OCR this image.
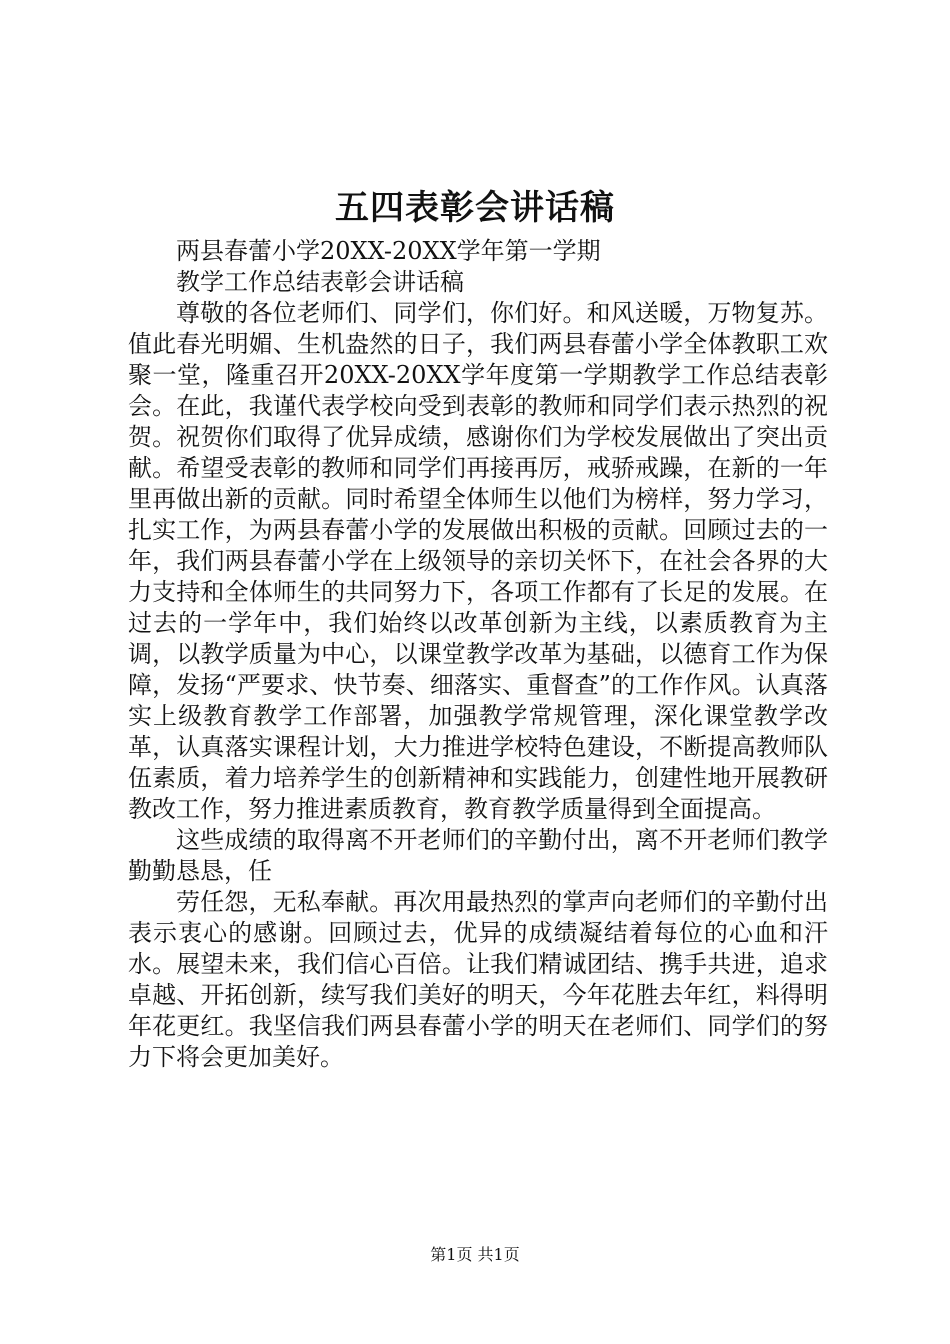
五四表彰会讲话稿

两县春蕾小学20XX-20XX学年第一学期

教学工作总结表彰会讲话稿

尊敬的各位老师们、同学们，你们好。和风送暖，万物复苏。值此春光明媚、生机盎然的日子，我们两县春蕾小学全体教职工欢聚一堂，隆重召开20XX-20XX学年度第一学期教学工作总结表彰会。在此，我谨代表学校向受到表彰的教师和同学们表示热烈的祝贺。祝贺你们取得了优异成绩，感谢你们为学校发展做出了突出贡献。希望受表彰的教师和同学们再接再厉，戒骄戒躁，在新的一年里再做出新的贡献。同时希望全体师生以他们为榜样，努力学习，扎实工作，为两县春蕾小学的发展做出积极的贡献。回顾过去的一年，我们两县春蕾小学在上级领导的亲切关怀下，在社会各界的大力支持和全体师生的共同努力下，各项工作都有了长足的发展。在过去的一学年中，我们始终以改革创新为主线，以素质教育为主调，以教学质量为中心，以课堂教学改革为基础，以德育工作为保障，发扬“严要求、快节奏、细落实、重督查”的工作作风。认真落实上级教育教学工作部署，加强教学常规管理，深化课堂教学改革，认真落实课程计划，大力推进学校特色建设，不断提高教师队伍素质，着力培养学生的创新精神和实践能力，创建性地开展教研教改工作，努力推进素质教育，教育教学质量得到全面提高。

这些成绩的取得离不开老师们的辛勤付出，离不开老师们教学勤勤恳恳，任

劳任怨，无私奉献。再次用最热烈的掌声向老师们的辛勤付出表示衷心的感谢。回顾过去，优异的成绩凝结着每位的心血和汗水。展望未来，我们信心百倍。让我们精诚团结、携手共进，追求卓越、开拓创新，续写我们美好的明天，今年花胜去年红，料得明年花更红。我坚信我们两县春蕾小学的明天在老师们、同学们的努力下将会更加美好。

第1页 共1页
